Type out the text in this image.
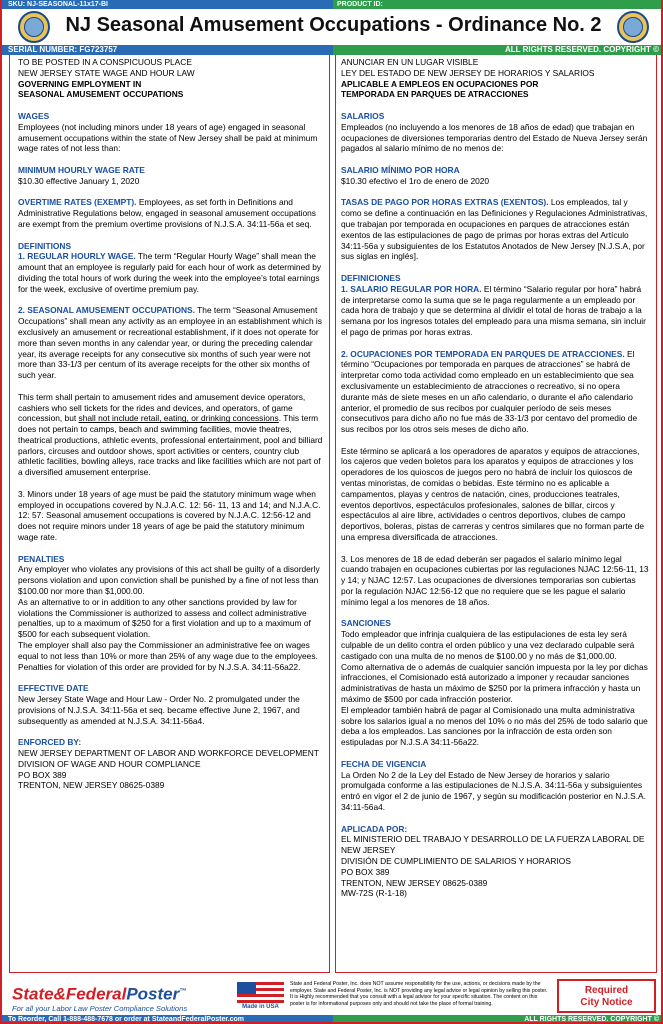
SKU: NJ-SEASONAL-11x17-BI	PRODUCT ID:
NJ Seasonal Amusement Occupations - Ordinance No. 2
SERIAL NUMBER: FG723757	ALL RIGHTS RESERVED. COPYRIGHT ©
TO BE POSTED IN A CONSPICUOUS PLACE
NEW JERSEY STATE WAGE AND HOUR LAW
GOVERNING EMPLOYMENT IN
SEASONAL AMUSEMENT OCCUPATIONS
WAGES
Employees (not including minors under 18 years of age) engaged in seasonal amusement occupations within the state of New Jersey shall be paid at minimum wage rates of not less than:
MINIMUM HOURLY WAGE RATE
$10.30 effective January 1, 2020
OVERTIME RATES (EXEMPT). Employees, as set forth in Definitions and Administrative Regulations below, engaged in seasonal amusement occupations are exempt from the premium overtime provisions of N.J.S.A. 34:11-56a et seq.
DEFINITIONS
1. REGULAR HOURLY WAGE. The term “Regular Hourly Wage” shall mean the amount that an employee is regularly paid for each hour of work as determined by dividing the total hours of work during the week into the employee’s total earnings for the week, exclusive of overtime premium pay.
2. SEASONAL AMUSEMENT OCCUPATIONS. The term “Seasonal Amusement Occupations” shall mean any activity as an employee in an establishment which is exclusively an amusement or recreational establishment, if it does not operate for more than seven months in any calendar year, or during the preceding calendar year, its average receipts for any consecutive six months of such year were not more than 33-1/3 per centum of its average receipts for the other six months of such year.
This term shall pertain to amusement rides and amusement device operators, cashiers who sell tickets for the rides and devices, and operators, of game concession, but shall not include retail, eating, or drinking concessions. This term does not pertain to camps, beach and swimming facilities, movie theatres, theatrical productions, athletic events, professional entertainment, pool and billiard parlors, circuses and outdoor shows, sport activities or centers, country club athletic facilities, bowling alleys, race tracks and like facilities which are not part of a diversified amusement enterprise.
3. Minors under 18 years of age must be paid the statutory minimum wage when employed in occupations covered by N.J.A.C. 12: 56- 11, 13 and 14; and N.J.A.C. 12: 57. Seasonal amusement occupations is covered by N.J.A.C. 12:56-12 and does not require minors under 18 years of age be paid the statutory minimum wage rate.
PENALTIES
Any employer who violates any provisions of this act shall be guilty of a disorderly persons violation and upon conviction shall be punished by a fine of not less than $100.00 nor more than $1,000.00.
As an alternative to or in addition to any other sanctions provided by law for violations the Commissioner is authorized to assess and collect administrative penalties, up to a maximum of $250 for a first violation and up to a maximum of $500 for each subsequent violation.
The employer shall also pay the Commissioner an administrative fee on wages equal to not less than 10% or more than 25% of any wage due to the employees. Penalties for violation of this order are provided for by N.J.S.A. 34:11-56a22.
EFFECTIVE DATE
New Jersey State Wage and Hour Law - Order No. 2 promulgated under the provisions of N.J.S.A. 34:11-56a et seq. became effective June 2, 1967, and subsequently as amended at N.J.S.A. 34:11-56a4.
ENFORCED BY:
NEW JERSEY DEPARTMENT OF LABOR AND WORKFORCE DEVELOPMENT
DIVISION OF WAGE AND HOUR COMPLIANCE
PO BOX 389
TRENTON, NEW JERSEY 08625-0389
ANUNCIAR EN UN LUGAR VISIBLE
LEY DEL ESTADO DE NEW JERSEY DE HORARIOS Y SALARIOS
APLICABLE A EMPLEOS EN OCUPACIONES POR
TEMPORADA EN PARQUES DE ATRACCIONES
SALARIOS
Empleados (no incluyendo a los menores de 18 años de edad) que trabajan en ocupaciones de diversiones temporarias dentro del Estado de Nueva Jersey serán pagados al salario mínimo de no menos de:
SALARIO MÍNIMO POR HORA
$10.30 efectivo el 1ro de enero de 2020
TASAS DE PAGO POR HORAS EXTRAS (EXENTOS). Los empleados, tal y como se define a continuación en las Definiciones y Regulaciones Administrativas, que trabajan por temporada en ocupaciones en parques de atracciones están exentos de las estipulaciones de pago de primas por horas extras del Artículo 34:11-56a y subsiguientes de los Estatutos Anotados de New Jersey [N.J.S.A, por sus siglas en inglés].
DEFINICIONES
1. SALARIO REGULAR POR HORA. El término “Salario regular por hora” habrá de interpretarse como la suma que se le paga regularmente a un empleado por cada hora de trabajo y que se determina al dividir el total de horas de trabajo a la semana por los ingresos totales del empleado para una misma semana, sin incluir el pago de primas por horas extras.
2. OCUPACIONES POR TEMPORADA EN PARQUES DE ATRACCIONES. El término “Ocupaciones por temporada en parques de atracciones” se habrá de interpretar como toda actividad como empleado en un establecimiento que sea exclusivamente un establecimiento de atracciones o recreativo, si no opera durante más de siete meses en un año calendario, o durante el año calendario anterior, el promedio de sus recibos por cualquier período de seis meses consecutivos para dicho año no fue más de 33-1/3 por centavo del promedio de sus recibos por los otros seis meses de dicho año.
Este término se aplicará a los operadores de aparatos y equipos de atracciones, los cajeros que veden boletos para los aparatos y equipos de atracciones y los operadores de los quioscos de juegos pero no habrá de incluir los quioscos de ventas minoristas, de comidas o bebidas. Este término no es aplicable a campamentos, playas y centros de natación, cines, producciones teatrales, eventos deportivos, espectáculos profesionales, salones de billar, circos y espectáculos al aire libre, actividades o centros deportivos, clubes de campo deportivos, boleras, pistas de carreras y centros similares que no forman parte de una empresa diversificada de atracciones.
3. Los menores de 18 de edad deberán ser pagados el salario mínimo legal cuando trabajen en ocupaciones cubiertas por las regulaciones NJAC 12:56-11, 13 y 14; y NJAC 12:57. Las ocupaciones de diversiones temporarias son cubiertas por la regulación NJAC 12:56-12 que no requiere que se les pague el salario mínimo legal a los menores de 18 años.
SANCIONES
Todo empleador que infrinja cualquiera de las estipulaciones de esta ley será culpable de un delito contra el orden público y una vez declarado culpable será castigado con una multa de no menos de $100.00 y no más de $1,000.00.
Como alternativa de o además de cualquier sanción impuesta por la ley por dichas infracciones, el Comisionado está autorizado a imponer y recaudar sanciones administrativas de hasta un máximo de $250 por la primera infracción y hasta un máximo de $500 por cada infracción posterior.
El empleador también habrá de pagar al Comisionado una multa administrativa sobre los salarios igual a no menos del 10% o no más del 25% de todo salario que deba a los empleados. Las sanciones por la infracción de esta orden son estipuladas por N.J.S.A 34:11-56a22.
FECHA DE VIGENCIA
La Orden No 2 de la Ley del Estado de New Jersey de horarios y salario promulgada conforme a las estipulaciones de N.J.S.A. 34:11-56a y subsiguientes entró en vigor el 2 de junio de 1967, y según su modificación posterior en N.J.S.A. 34:11-56a4.
APLICADA POR:
EL MINISTERIO DEL TRABAJO Y DESARROLLO DE LA FUERZA LABORAL DE NEW JERSEY
DIVISIÓN DE CUMPLIMIENTO DE SALARIOS Y HORARIOS
PO BOX 389
TRENTON, NEW JERSEY 08625-0389
MW-72S (R-1-18)
State&FederalPoster™
For all your Labor Law Poster Compliance Solutions	Made in USA
State and Federal Poster, Inc. does NOT assume responsibility for the use, actions, or decisions made by the employer. State and Federal Poster, Inc. is NOT providing any legal advice or legal opinion by selling this poster. It is Highly recommended that you consult with a legal advisor for your specific situation. The content on this poster is for informational purposes only and should not take the place of formal training.
Required
City Notice
To Reorder, Call 1-888-488-7678 or order at StateandFederalPoster.com	ALL RIGHTS RESERVED. COPYRIGHT ©
